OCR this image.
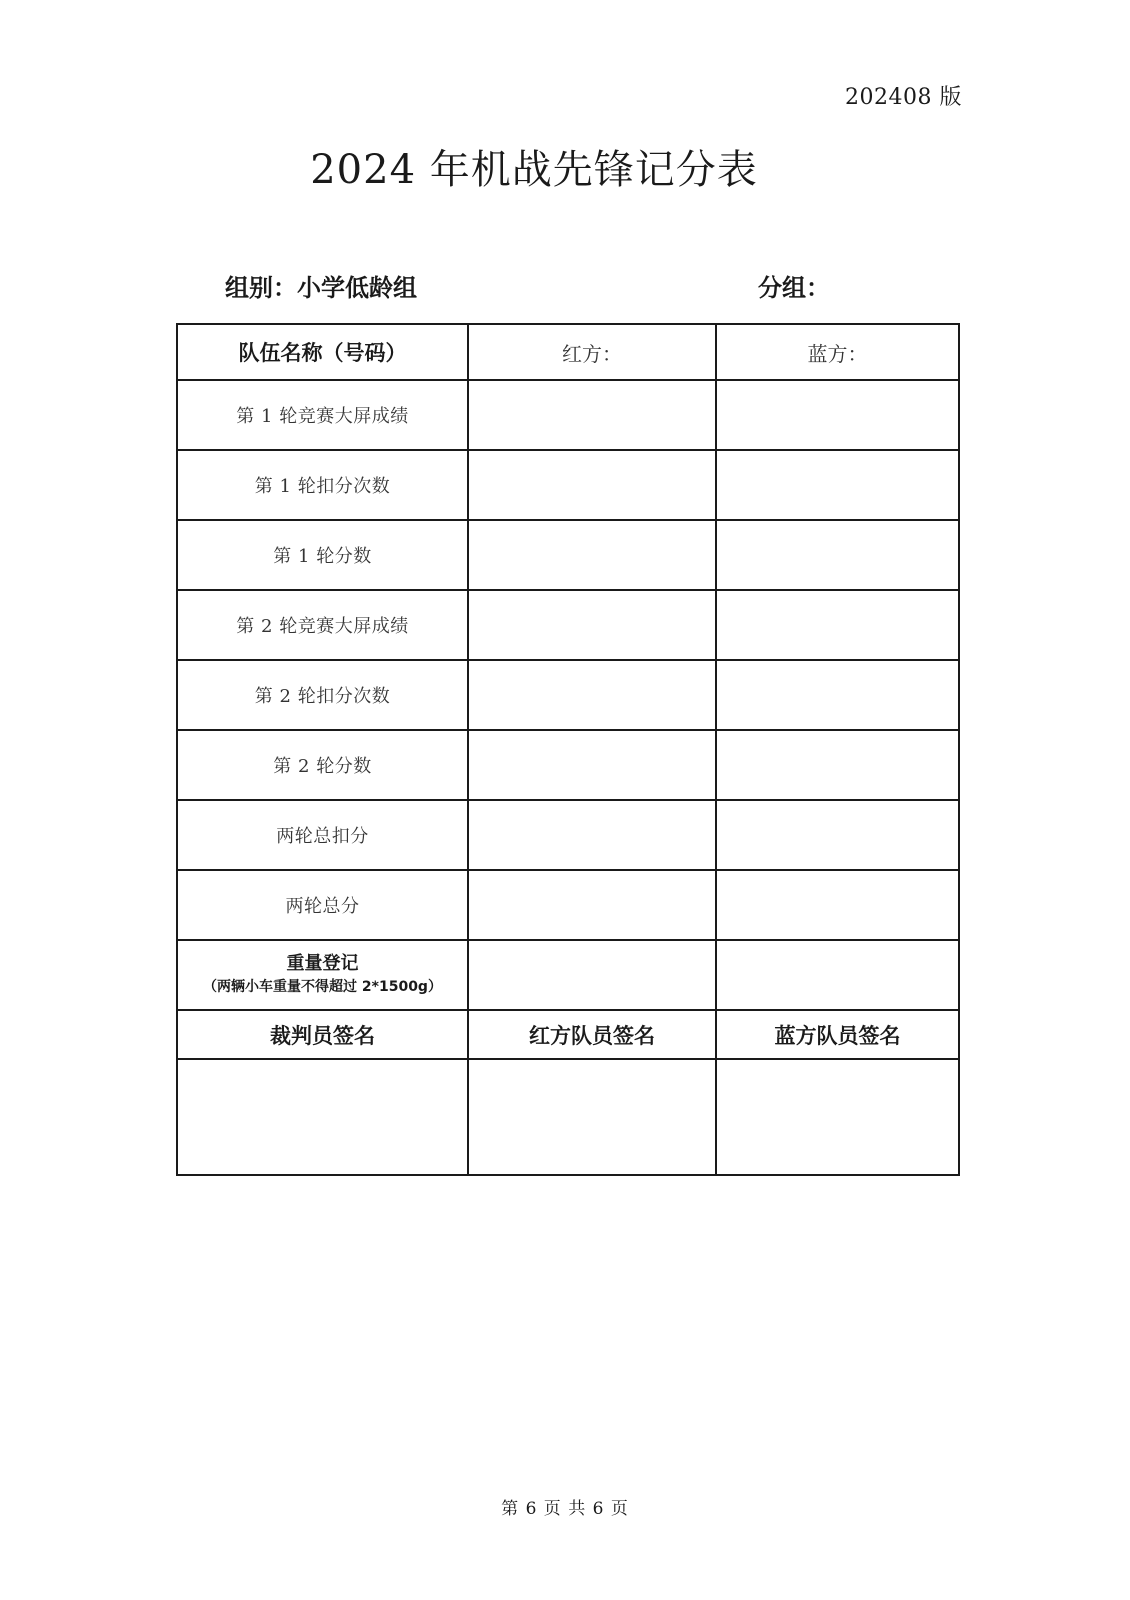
202408 版
2024 年机战先锋记分表
组别：小学低龄组	分组：
队伍名称（号码）	红方：	蓝方：
第 1 轮竞赛大屏成绩		
第 1 轮扣分次数		
第 1 轮分数		
第 2 轮竞赛大屏成绩		
第 2 轮扣分次数		
第 2 轮分数		
两轮总扣分		
两轮总分		

重量登记
（两辆小车重量不得超过 2*1500g）		

裁判员签名	红方队员签名	蓝方队员签名

第 6 页 共 6 页
